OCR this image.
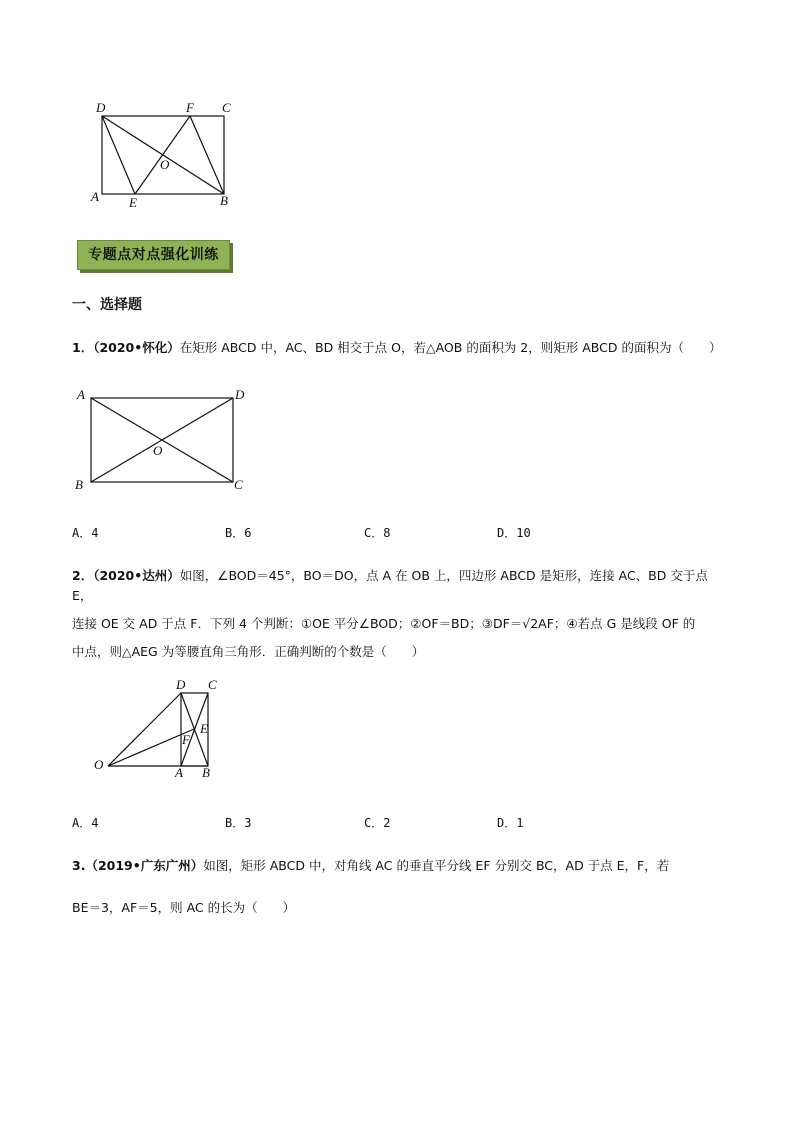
D	F C
O
A E	B
专题点对点强化训练
一、选择题
1．（2020•怀化）在矩形 ABCD 中，AC、BD 相交于点 O，若△AOB 的面积为 2，则矩形 ABCD 的面积为（　　）
A	D
O
B	C
A．4	B．6	C．8	D．10
2．（2020•达州）如图，∠BOD＝45°，BO＝DO，点 A 在 OB 上，四边形 ABCD 是矩形，连接 AC、BD 交于点 E，
连接 OE 交 AD 于点 F．下列 4 个判断：①OE 平分∠BOD；②OF＝BD；③DF＝√2AF；④若点 G 是线段 OF 的
中点，则△AEG 为等腰直角三角形．正确判断的个数是（　　）
D C
E
F
O
A B
A．4	B．3	C．2	D．1
3.（2019•广东广州）如图，矩形 ABCD 中，对角线 AC 的垂直平分线 EF 分别交 BC，AD 于点 E，F，若
BE＝3，AF＝5，则 AC 的长为（　　）
